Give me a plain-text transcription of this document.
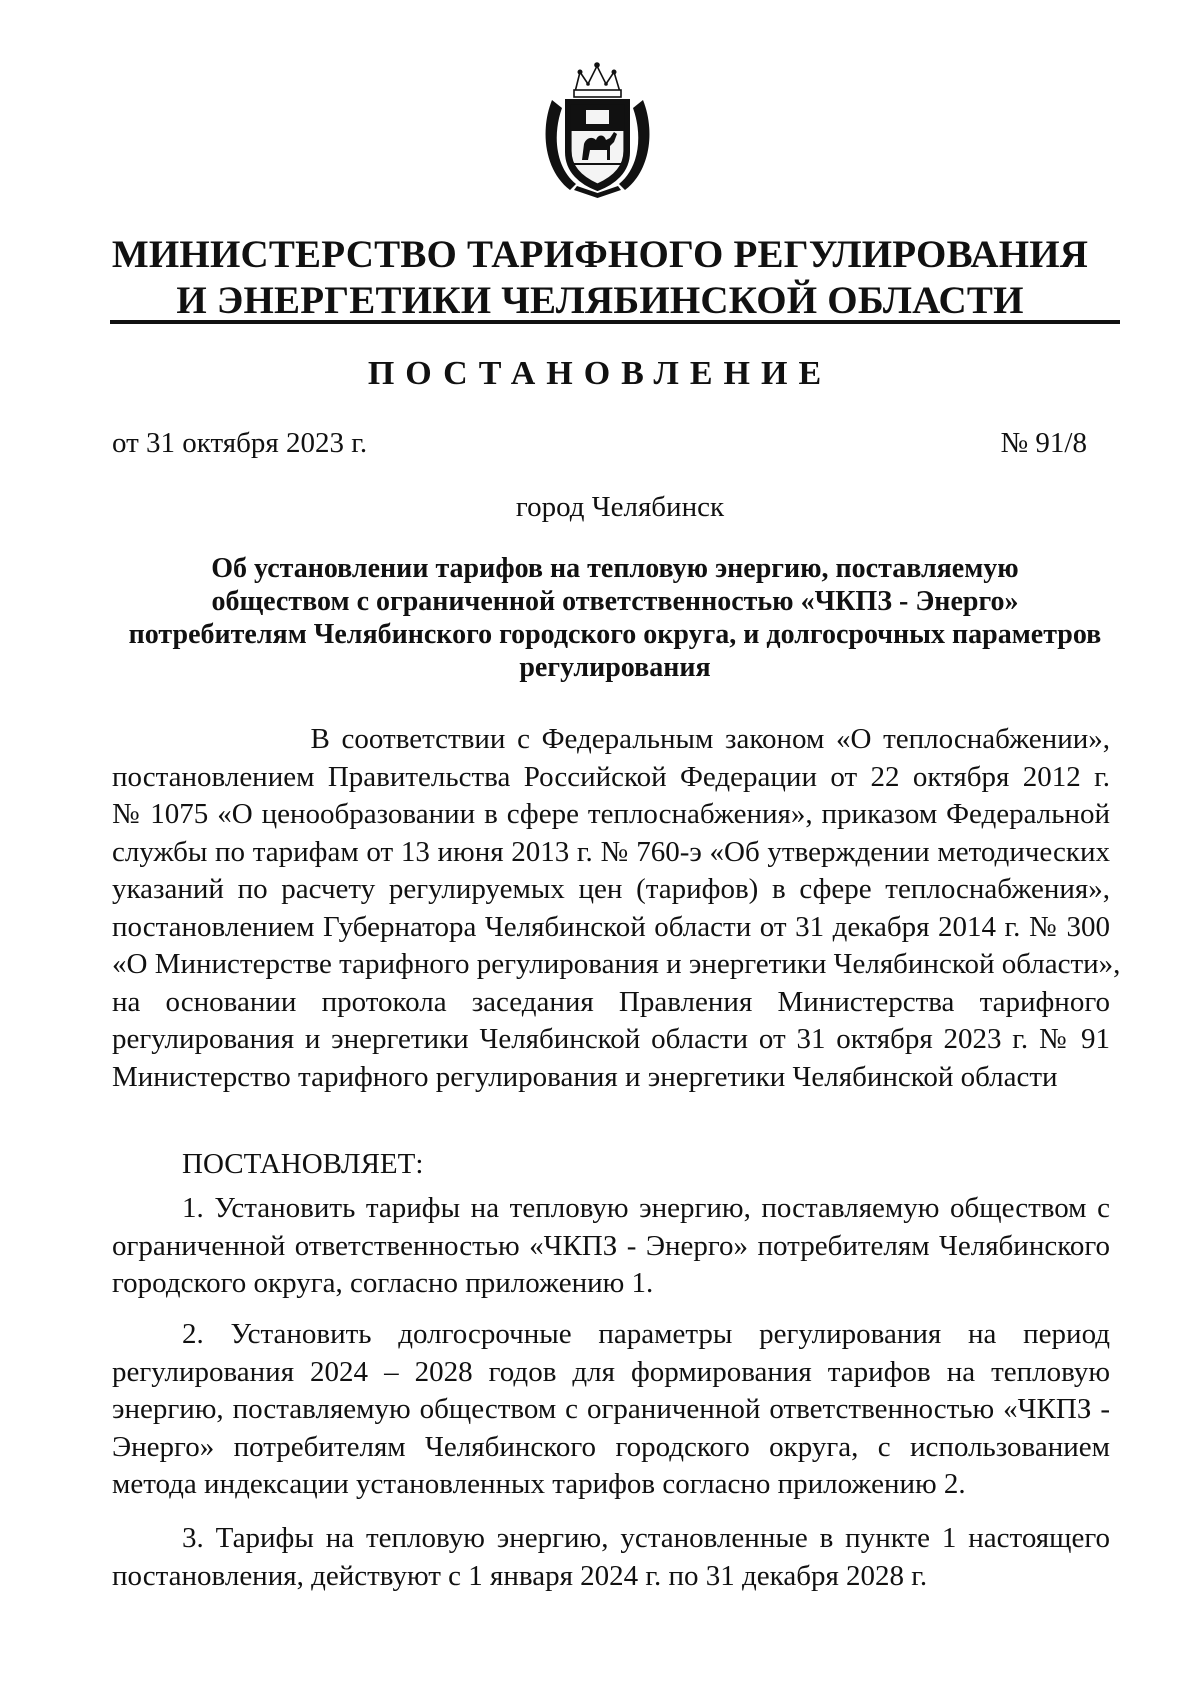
МИНИСТЕРСТВО ТАРИФНОГО РЕГУЛИРОВАНИЯ
И ЭНЕРГЕТИКИ ЧЕЛЯБИНСКОЙ ОБЛАСТИ
ПОСТАНОВЛЕНИЕ
от 31 октября 2023 г.	№ 91/8
город Челябинск
Об установлении тарифов на тепловую энергию, поставляемую
обществом с ограниченной ответственностью «ЧКПЗ - Энерго»
потребителям Челябинского городского округа, и долгосрочных параметров
регулирования
В соответствии с Федеральным законом «О теплоснабжении»,
постановлением Правительства Российской Федерации от 22 октября 2012 г.
№ 1075 «О ценообразовании в сфере теплоснабжения», приказом Федеральной
службы по тарифам от 13 июня 2013 г. № 760-э «Об утверждении методических
указаний по расчету регулируемых цен (тарифов) в сфере теплоснабжения»,
постановлением Губернатора Челябинской области от 31 декабря 2014 г. № 300
«О Министерстве тарифного регулирования и энергетики Челябинской области»,
на основании протокола заседания Правления Министерства тарифного
регулирования и энергетики Челябинской области от 31 октября 2023 г. № 91
Министерство тарифного регулирования и энергетики Челябинской области
ПОСТАНОВЛЯЕТ:
1. Установить тарифы на тепловую энергию, поставляемую обществом с ограниченной ответственностью «ЧКПЗ - Энерго» потребителям Челябинского городского округа, согласно приложению 1.
2. Установить долгосрочные параметры регулирования на период регулирования 2024 – 2028 годов для формирования тарифов на тепловую энергию, поставляемую обществом с ограниченной ответственностью «ЧКПЗ - Энерго» потребителям Челябинского городского округа, с использованием метода индексации установленных тарифов согласно приложению 2.
3. Тарифы на тепловую энергию, установленные в пункте 1 настоящего постановления, действуют с 1 января 2024 г. по 31 декабря 2028 г.
